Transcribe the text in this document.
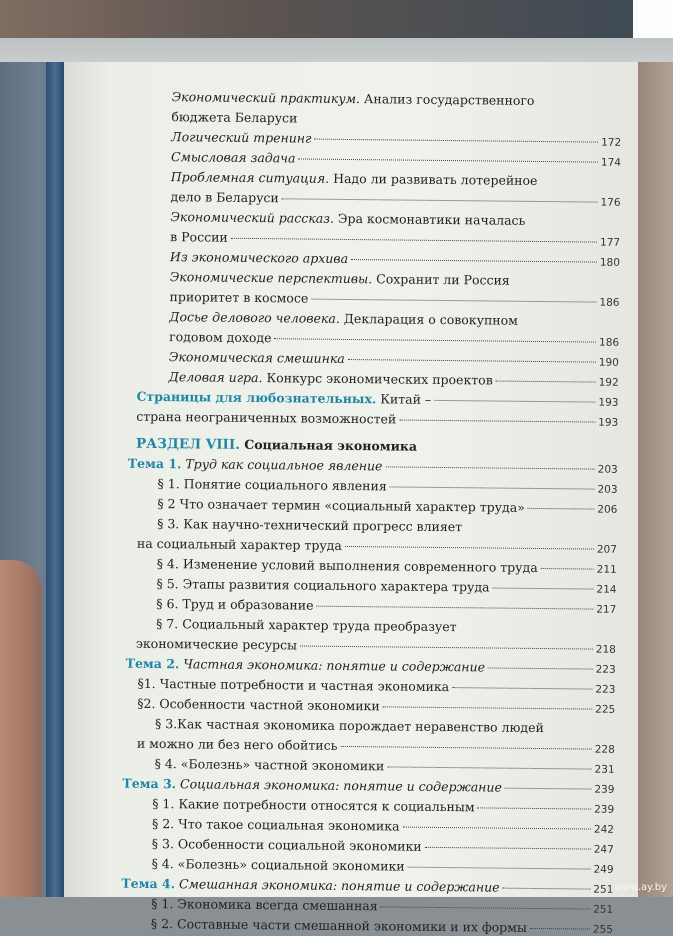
Экономический практикум. Анализ государственного
бюджета Беларуси
Логический тренинг	172
Смысловая задача	174
Проблемная ситуация. Надо ли развивать лотерейное
дело в Беларуси	176
Экономический рассказ. Эра космонавтики началась
в России	177
Из экономического архива	180
Экономические перспективы. Сохранит ли Россия
приоритет в космосе	186
Досье делового человека. Декларация о совокупном
годовом доходе	186
Экономическая смешинка	190
Деловая игра. Конкурс экономических проектов	192
Страницы для любознательных. Китай –	193
страна неограниченных возможностей	193
РАЗДЕЛ VIII. Социальная экономика
Тема 1. Труд как социальное явление	203
§ 1. Понятие социального явления	203
§ 2 Что означает термин «социальный характер труда»	206
§ 3. Как научно-технический прогресс влияет
на социальный характер труда	207
§ 4. Изменение условий выполнения современного труда	211
§ 5. Этапы развития социального характера труда	214
§ 6. Труд и образование	217
§ 7. Социальный характер труда преобразует
экономические ресурсы	218
Тема 2. Частная экономика: понятие и содержание	223
§1. Частные потребности и частная экономика	223
§2. Особенности частной экономики	225
§ 3.Как частная экономика порождает неравенство людей
и можно ли без него обойтись	228
§ 4. «Болезнь» частной экономики	231
Тема 3. Социальная экономика: понятие и содержание	239
§ 1. Какие потребности относятся к социальным	239
§ 2. Что такое социальная экономика	242
§ 3. Особенности социальной экономики	247
§ 4. «Болезнь» социальной экономики	249
Тема 4. Смешанная экономика: понятие и содержание	251
§ 1. Экономика всегда смешанная	251
§ 2. Составные части смешанной экономики и их формы	255
www.ay.by
